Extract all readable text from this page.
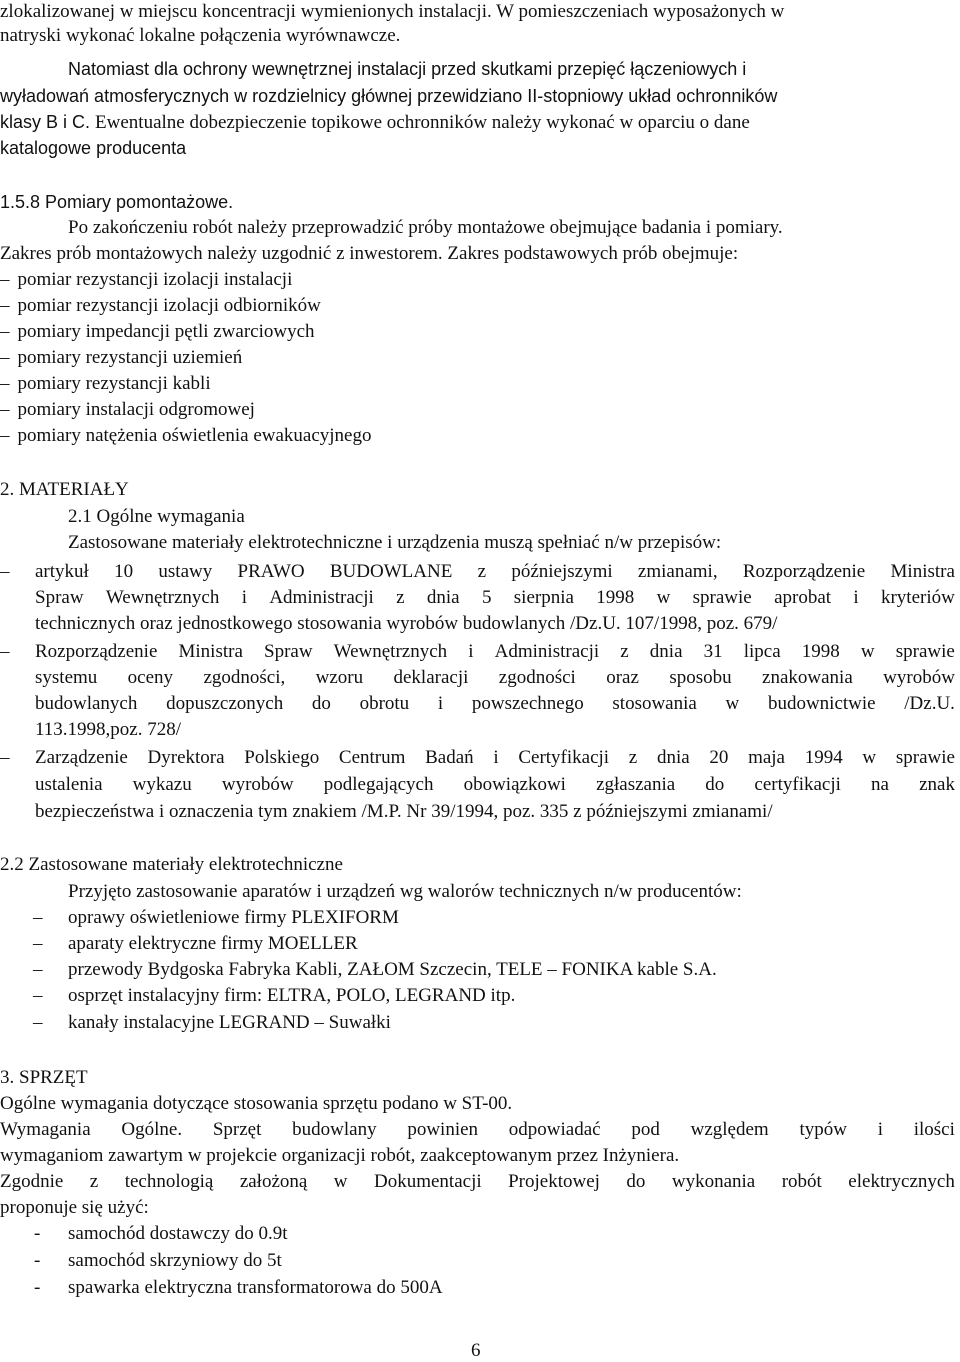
zlokalizowanej w miejscu koncentracji wymienionych instalacji. W pomieszczeniach wyposażonych w
natryski wykonać lokalne połączenia wyrównawcze.
Natomiast dla ochrony wewnętrznej instalacji przed skutkami przepięć łączeniowych i
wyładowań atmosferycznych w rozdzielnicy głównej przewidziano II-stopniowy układ ochronników
klasy B i C. Ewentualne dobezpieczenie topikowe ochronników należy wykonać w oparciu o dane
katalogowe producenta
1.5.8 Pomiary pomontażowe.
Po zakończeniu robót należy przeprowadzić próby montażowe obejmujące badania i pomiary.
Zakres prób montażowych należy uzgodnić z inwestorem. Zakres podstawowych prób obejmuje:
– pomiar rezystancji izolacji instalacji
– pomiar rezystancji izolacji odbiorników
– pomiary impedancji pętli zwarciowych
– pomiary rezystancji uziemień
– pomiary rezystancji kabli
– pomiary instalacji odgromowej
– pomiary natężenia oświetlenia ewakuacyjnego
2. MATERIAŁY
2.1 Ogólne wymagania
Zastosowane materiały elektrotechniczne i urządzenia muszą spełniać n/w przepisów:
–	artykuł 10 ustawy PRAWO BUDOWLANE z późniejszymi zmianami, Rozporządzenie Ministra
Spraw Wewnętrznych i Administracji z dnia 5 sierpnia 1998 w sprawie aprobat i kryteriów
technicznych oraz jednostkowego stosowania wyrobów budowlanych /Dz.U. 107/1998, poz. 679/
–	Rozporządzenie Ministra Spraw Wewnętrznych i Administracji z dnia 31 lipca 1998 w sprawie
systemu oceny zgodności, wzoru deklaracji zgodności oraz sposobu znakowania wyrobów
budowlanych dopuszczonych do obrotu i powszechnego stosowania w budownictwie /Dz.U.
113.1998,poz. 728/
–	Zarządzenie Dyrektora Polskiego Centrum Badań i Certyfikacji z dnia 20 maja 1994 w sprawie
ustalenia wykazu wyrobów podlegających obowiązkowi zgłaszania do certyfikacji na znak
bezpieczeństwa i oznaczenia tym znakiem /M.P. Nr 39/1994, poz. 335 z późniejszymi zmianami/
2.2 Zastosowane materiały elektrotechniczne
Przyjęto zastosowanie aparatów i urządzeń wg walorów technicznych n/w producentów:
– oprawy oświetleniowe firmy PLEXIFORM
– aparaty elektryczne firmy MOELLER
– przewody Bydgoska Fabryka Kabli, ZAŁOM Szczecin, TELE – FONIKA kable S.A.
– osprzęt instalacyjny firm: ELTRA, POLO, LEGRAND itp.
– kanały instalacyjne LEGRAND – Suwałki
3. SPRZĘT
Ogólne wymagania dotyczące stosowania sprzętu podano w ST-00.
Wymagania Ogólne. Sprzęt budowlany powinien odpowiadać pod względem typów i ilości
wymaganiom zawartym w projekcie organizacji robót, zaakceptowanym przez Inżyniera.
Zgodnie z technologią założoną w Dokumentacji Projektowej do wykonania robót elektrycznych
proponuje się użyć:
- samochód dostawczy do 0.9t
- samochód skrzyniowy do 5t
- spawarka elektryczna transformatorowa do 500A
6
